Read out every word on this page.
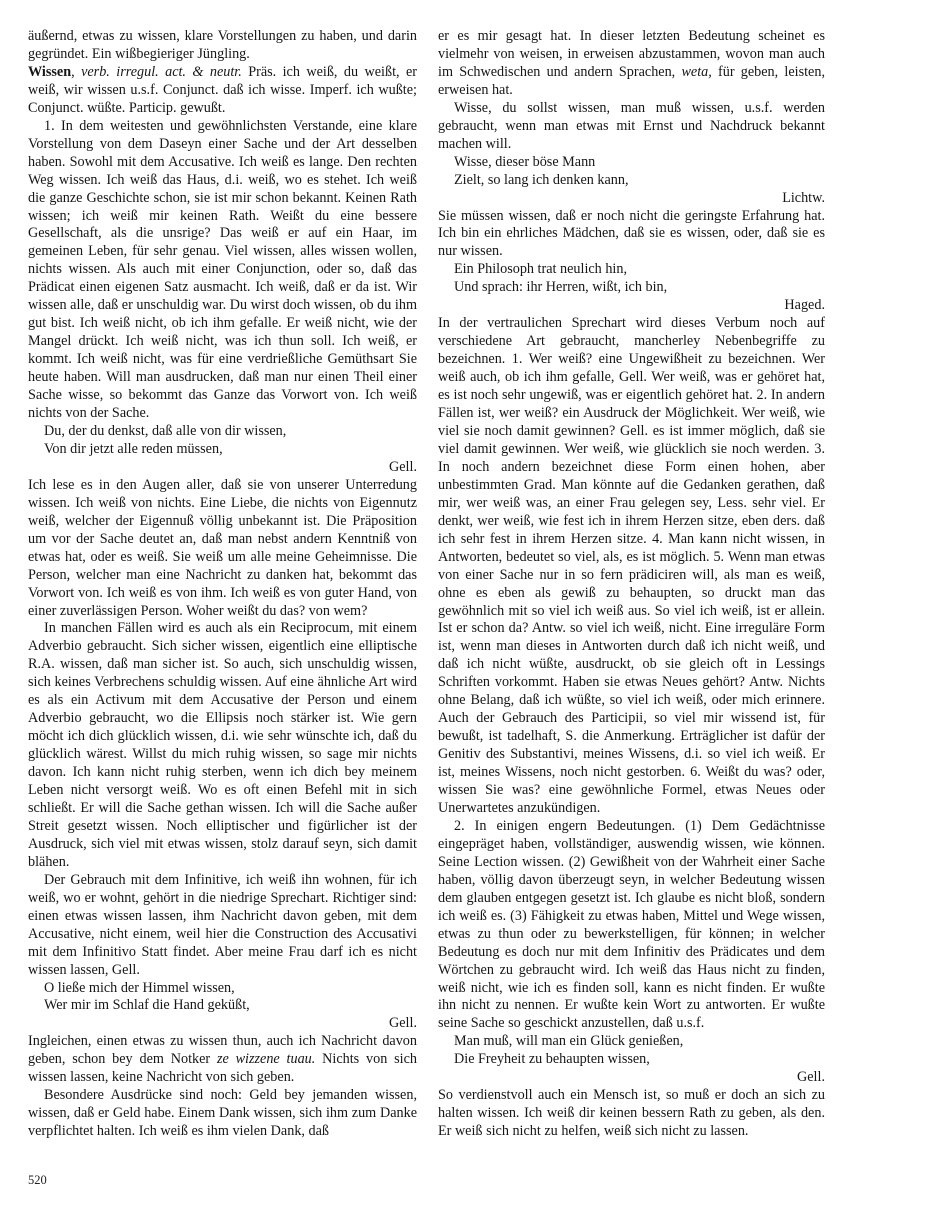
äußernd, etwas zu wissen, klare Vorstellungen zu haben, und darin gegründet. Ein wißbegieriger Jüngling.

Wissen, verb. irregul. act. & neutr. Präs. ich weiß, du weißt, er weiß, wir wissen u.s.f. Conjunct. daß ich wisse. Imperf. ich wußte; Conjunct. wüßte. Particip. gewußt.

1. In dem weitesten und gewöhnlichsten Verstande, eine klare Vorstellung von dem Daseyn einer Sache und der Art desselben haben. Sowohl mit dem Accusative. Ich weiß es lange. Den rechten Weg wissen. Ich weiß das Haus, d.i. weiß, wo es stehet. Ich weiß die ganze Geschichte schon, sie ist mir schon bekannt. Keinen Rath wissen; ich weiß mir keinen Rath. Weißt du eine bessere Gesellschaft, als die unsrige? Das weiß er auf ein Haar, im gemeinen Leben, für sehr genau. Viel wissen, alles wissen wollen, nichts wissen. Als auch mit einer Conjunction, oder so, daß das Prädicat einen eigenen Satz ausmacht. Ich weiß, daß er da ist. Wir wissen alle, daß er unschuldig war. Du wirst doch wissen, ob du ihm gut bist. Ich weiß nicht, ob ich ihm gefalle. Er weiß nicht, wie der Mangel drückt. Ich weiß nicht, was ich thun soll. Ich weiß, er kommt. Ich weiß nicht, was für eine verdrießliche Gemüthsart Sie heute haben. Will man ausdrucken, daß man nur einen Theil einer Sache wisse, so bekommt das Ganze das Vorwort von. Ich weiß nichts von der Sache.

Du, der du denkst, daß alle von dir wissen,

Von dir jetzt alle reden müssen,

Gell.

Ich lese es in den Augen aller, daß sie von unserer Unterredung wissen. Ich weiß von nichts. Eine Liebe, die nichts von Eigennutz weiß, welcher der Eigennuß völlig unbekannt ist. Die Präposition um vor der Sache deutet an, daß man nebst andern Kenntniß von etwas hat, oder es weiß. Sie weiß um alle meine Geheimnisse. Die Person, welcher man eine Nachricht zu danken hat, bekommt das Vorwort von. Ich weiß es von ihm. Ich weiß es von guter Hand, von einer zuverlässigen Person. Woher weißt du das? von wem?

In manchen Fällen wird es auch als ein Reciprocum, mit einem Adverbio gebraucht. Sich sicher wissen, eigentlich eine elliptische R.A. wissen, daß man sicher ist. So auch, sich unschuldig wissen, sich keines Verbrechens schuldig wissen. Auf eine ähnliche Art wird es als ein Activum mit dem Accusative der Person und einem Adverbio gebraucht, wo die Ellipsis noch stärker ist. Wie gern möcht ich dich glücklich wissen, d.i. wie sehr wünschte ich, daß du glücklich wärest. Willst du mich ruhig wissen, so sage mir nichts davon. Ich kann nicht ruhig sterben, wenn ich dich bey meinem Leben nicht versorgt weiß. Wo es oft einen Befehl mit in sich schließt. Er will die Sache gethan wissen. Ich will die Sache außer Streit gesetzt wissen. Noch elliptischer und figürlicher ist der Ausdruck, sich viel mit etwas wissen, stolz darauf seyn, sich damit blähen.

Der Gebrauch mit dem Infinitive, ich weiß ihn wohnen, für ich weiß, wo er wohnt, gehört in die niedrige Sprechart. Richtiger sind: einen etwas wissen lassen, ihm Nachricht davon geben, mit dem Accusative, nicht einem, weil hier die Construction des Accusativi mit dem Infinitivo Statt findet. Aber meine Frau darf ich es nicht wissen lassen, Gell.

O ließe mich der Himmel wissen,

Wer mir im Schlaf die Hand geküßt,

Gell.

Ingleichen, einen etwas zu wissen thun, auch ich Nachricht davon geben, schon bey dem Notker ze wizzene tuau. Nichts von sich wissen lassen, keine Nachricht von sich geben.

Besondere Ausdrücke sind noch: Geld bey jemanden wissen, wissen, daß er Geld habe. Einem Dank wissen, sich ihm zum Danke verpflichtet halten. Ich weiß es ihm vielen Dank, daß

er es mir gesagt hat. In dieser letzten Bedeutung scheinet es vielmehr von weisen, in erweisen abzustammen, wovon man auch im Schwedischen und andern Sprachen, weta, für geben, leisten, erweisen hat.

Wisse, du sollst wissen, man muß wissen, u.s.f. werden gebraucht, wenn man etwas mit Ernst und Nachdruck bekannt machen will.

Wisse, dieser böse Mann

Zielt, so lang ich denken kann,

Lichtw.

Sie müssen wissen, daß er noch nicht die geringste Erfahrung hat. Ich bin ein ehrliches Mädchen, daß sie es wissen, oder, daß sie es nur wissen.

Ein Philosoph trat neulich hin,

Und sprach: ihr Herren, wißt, ich bin,

Haged.

In der vertraulichen Sprechart wird dieses Verbum noch auf verschiedene Art gebraucht, mancherley Nebenbegriffe zu bezeichnen. 1. Wer weiß? eine Ungewißheit zu bezeichnen. Wer weiß auch, ob ich ihm gefalle, Gell. Wer weiß, was er gehöret hat, es ist noch sehr ungewiß, was er eigentlich gehöret hat. 2. In andern Fällen ist, wer weiß? ein Ausdruck der Möglichkeit. Wer weiß, wie viel sie noch damit gewinnen? Gell. es ist immer möglich, daß sie viel damit gewinnen. Wer weiß, wie glücklich sie noch werden. 3. In noch andern bezeichnet diese Form einen hohen, aber unbestimmten Grad. Man könnte auf die Gedanken gerathen, daß mir, wer weiß was, an einer Frau gelegen sey, Less. sehr viel. Er denkt, wer weiß, wie fest ich in ihrem Herzen sitze, eben ders. daß ich sehr fest in ihrem Herzen sitze. 4. Man kann nicht wissen, in Antworten, bedeutet so viel, als, es ist möglich. 5. Wenn man etwas von einer Sache nur in so fern prädiciren will, als man es weiß, ohne es eben als gewiß zu behaupten, so druckt man das gewöhnlich mit so viel ich weiß aus. So viel ich weiß, ist er allein. Ist er schon da? Antw. so viel ich weiß, nicht. Eine irreguläre Form ist, wenn man dieses in Antworten durch daß ich nicht weiß, und daß ich nicht wüßte, ausdruckt, ob sie gleich oft in Lessings Schriften vorkommt. Haben sie etwas Neues gehört? Antw. Nichts ohne Belang, daß ich wüßte, so viel ich weiß, oder mich erinnere. Auch der Gebrauch des Participii, so viel mir wissend ist, für bewußt, ist tadelhaft, S. die Anmerkung. Erträglicher ist dafür der Genitiv des Substantivi, meines Wissens, d.i. so viel ich weiß. Er ist, meines Wissens, noch nicht gestorben. 6. Weißt du was? oder, wissen Sie was? eine gewöhnliche Formel, etwas Neues oder Unerwartetes anzukündigen.

2. In einigen engern Bedeutungen. (1) Dem Gedächtnisse eingepräget haben, vollständiger, auswendig wissen, wie können. Seine Lection wissen. (2) Gewißheit von der Wahrheit einer Sache haben, völlig davon überzeugt seyn, in welcher Bedeutung wissen dem glauben entgegen gesetzt ist. Ich glaube es nicht bloß, sondern ich weiß es. (3) Fähigkeit zu etwas haben, Mittel und Wege wissen, etwas zu thun oder zu bewerkstelligen, für können; in welcher Bedeutung es doch nur mit dem Infinitiv des Prädicates und dem Wörtchen zu gebraucht wird. Ich weiß das Haus nicht zu finden, weiß nicht, wie ich es finden soll, kann es nicht finden. Er wußte ihn nicht zu nennen. Er wußte kein Wort zu antworten. Er wußte seine Sache so geschickt anzustellen, daß u.s.f.

Man muß, will man ein Glück genießen,

Die Freyheit zu behaupten wissen,

Gell.

So verdienstvoll auch ein Mensch ist, so muß er doch an sich zu halten wissen. Ich weiß dir keinen bessern Rath zu geben, als den. Er weiß sich nicht zu helfen, weiß sich nicht zu lassen.

520
